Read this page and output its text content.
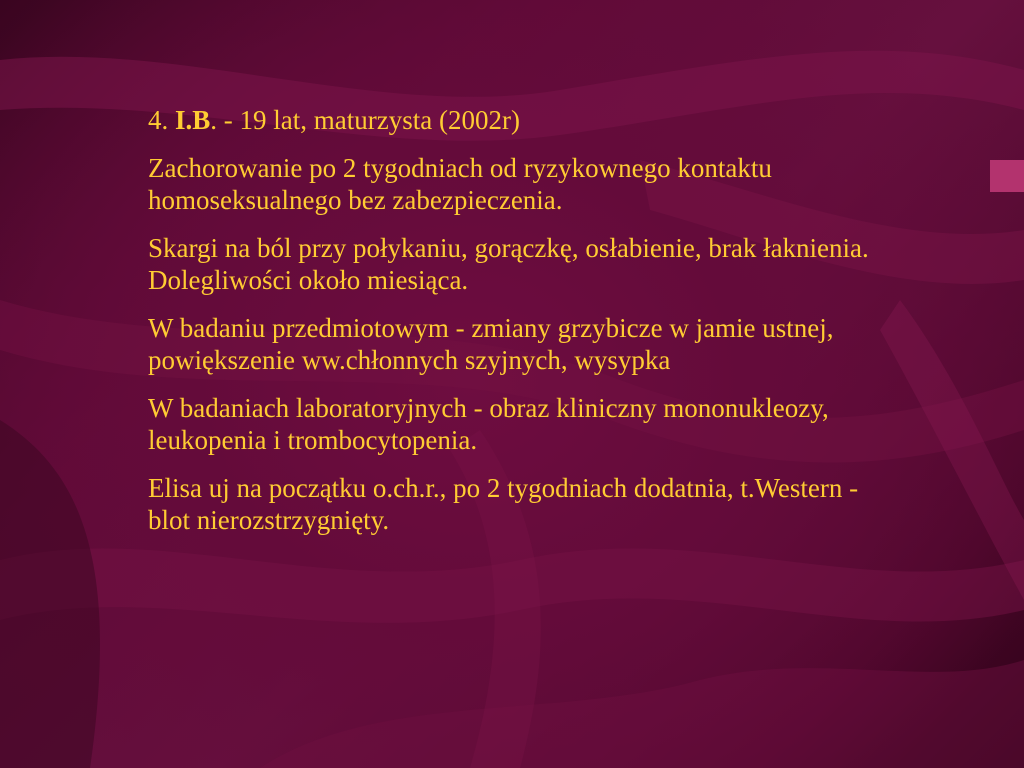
4. I.B. - 19 lat, maturzysta (2002r)

Zachorowanie po 2 tygodniach od ryzykownego kontaktu homoseksualnego bez zabezpieczenia.

Skargi na ból przy połykaniu, gorączkę, osłabienie, brak łaknienia. Dolegliwości około miesiąca.

W badaniu przedmiotowym - zmiany grzybicze w jamie ustnej, powiększenie ww.chłonnych szyjnych, wysypka

W badaniach laboratoryjnych - obraz kliniczny mononukleozy, leukopenia i trombocytopenia.

Elisa uj na początku o.ch.r., po 2 tygodniach dodatnia, t.Western - blot nierozstrzygnięty.
